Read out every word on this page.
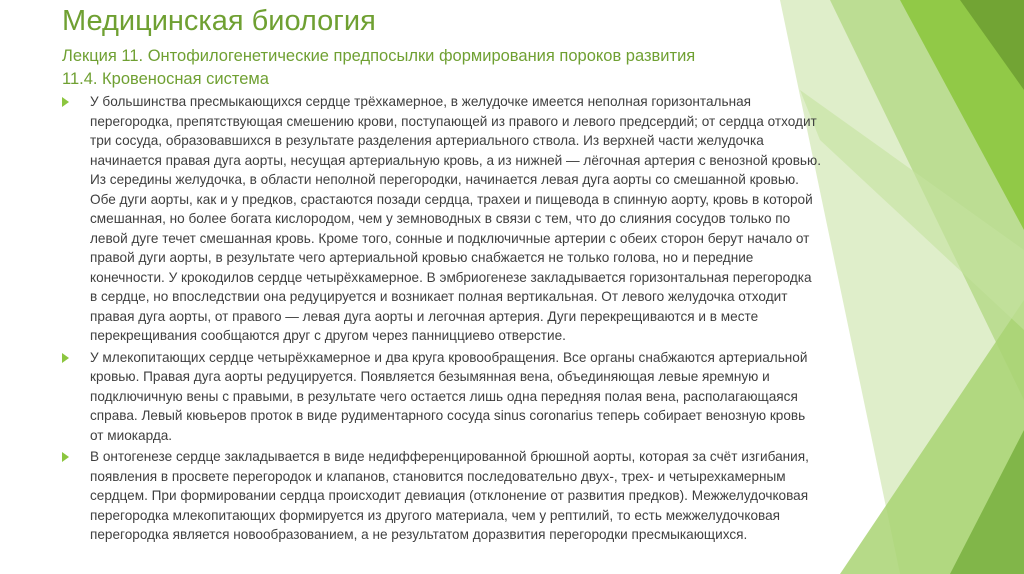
Медицинская биология
Лекция 11. Онтофилогенетические предпосылки формирования пороков развития
11.4. Кровеносная система

У большинства пресмыкающихся сердце трёхкамерное, в желудочке имеется неполная горизонтальная
перегородка, препятствующая смешению крови, поступающей из правого и левого предсердий; от сердца отходит
три сосуда, образовавшихся в результате разделения артериального ствола. Из верхней части желудочка
начинается правая дуга аорты, несущая артериальную кровь, а из нижней — лёгочная артерия с венозной кровью.
Из середины желудочка, в области неполной перегородки, начинается левая дуга аорты со смешанной кровью.
Обе дуги аорты, как и у предков, срастаются позади сердца, трахеи и пищевода в спинную аорту, кровь в которой
смешанная, но более богата кислородом, чем у земноводных в связи с тем, что до слияния сосудов только по
левой дуге течет смешанная кровь. Кроме того, сонные и подключичные артерии с обеих сторон берут начало от
правой дуги аорты, в результате чего артериальной кровью снабжается не только голова, но и передние
конечности. У крокодилов сердце четырёхкамерное. В эмбриогенезе закладывается горизонтальная перегородка
в сердце, но впоследствии она редуцируется и возникает полная вертикальная. От левого желудочка отходит
правая дуга аорты, от правого — левая дуга аорты и легочная артерия. Дуги перекрещиваются и в месте
перекрещивания сообщаются друг с другом через панницциево отверстие.

У млекопитающих сердце четырёхкамерное и два круга кровообращения. Все органы снабжаются артериальной
кровью. Правая дуга аорты редуцируется. Появляется безымянная вена, объединяющая левые яремную и
подключичную вены с правыми, в результате чего остается лишь одна передняя полая вена, располагающаяся
справа. Левый кювьеров проток в виде рудиментарного сосуда sinus coronarius теперь собирает венозную кровь
от миокарда.

В онтогенезе сердце закладывается в виде недифференцированной брюшной аорты, которая за счёт изгибания,
появления в просвете перегородок и клапанов, становится последовательно двух-, трех- и четырехкамерным
сердцем. При формировании сердца происходит девиация (отклонение от развития предков). Межжелудочковая
перегородка млекопитающих формируется из другого материала, чем у рептилий, то есть межжелудочковая
перегородка является новообразованием, а не результатом доразвития перегородки пресмыкающихся.
